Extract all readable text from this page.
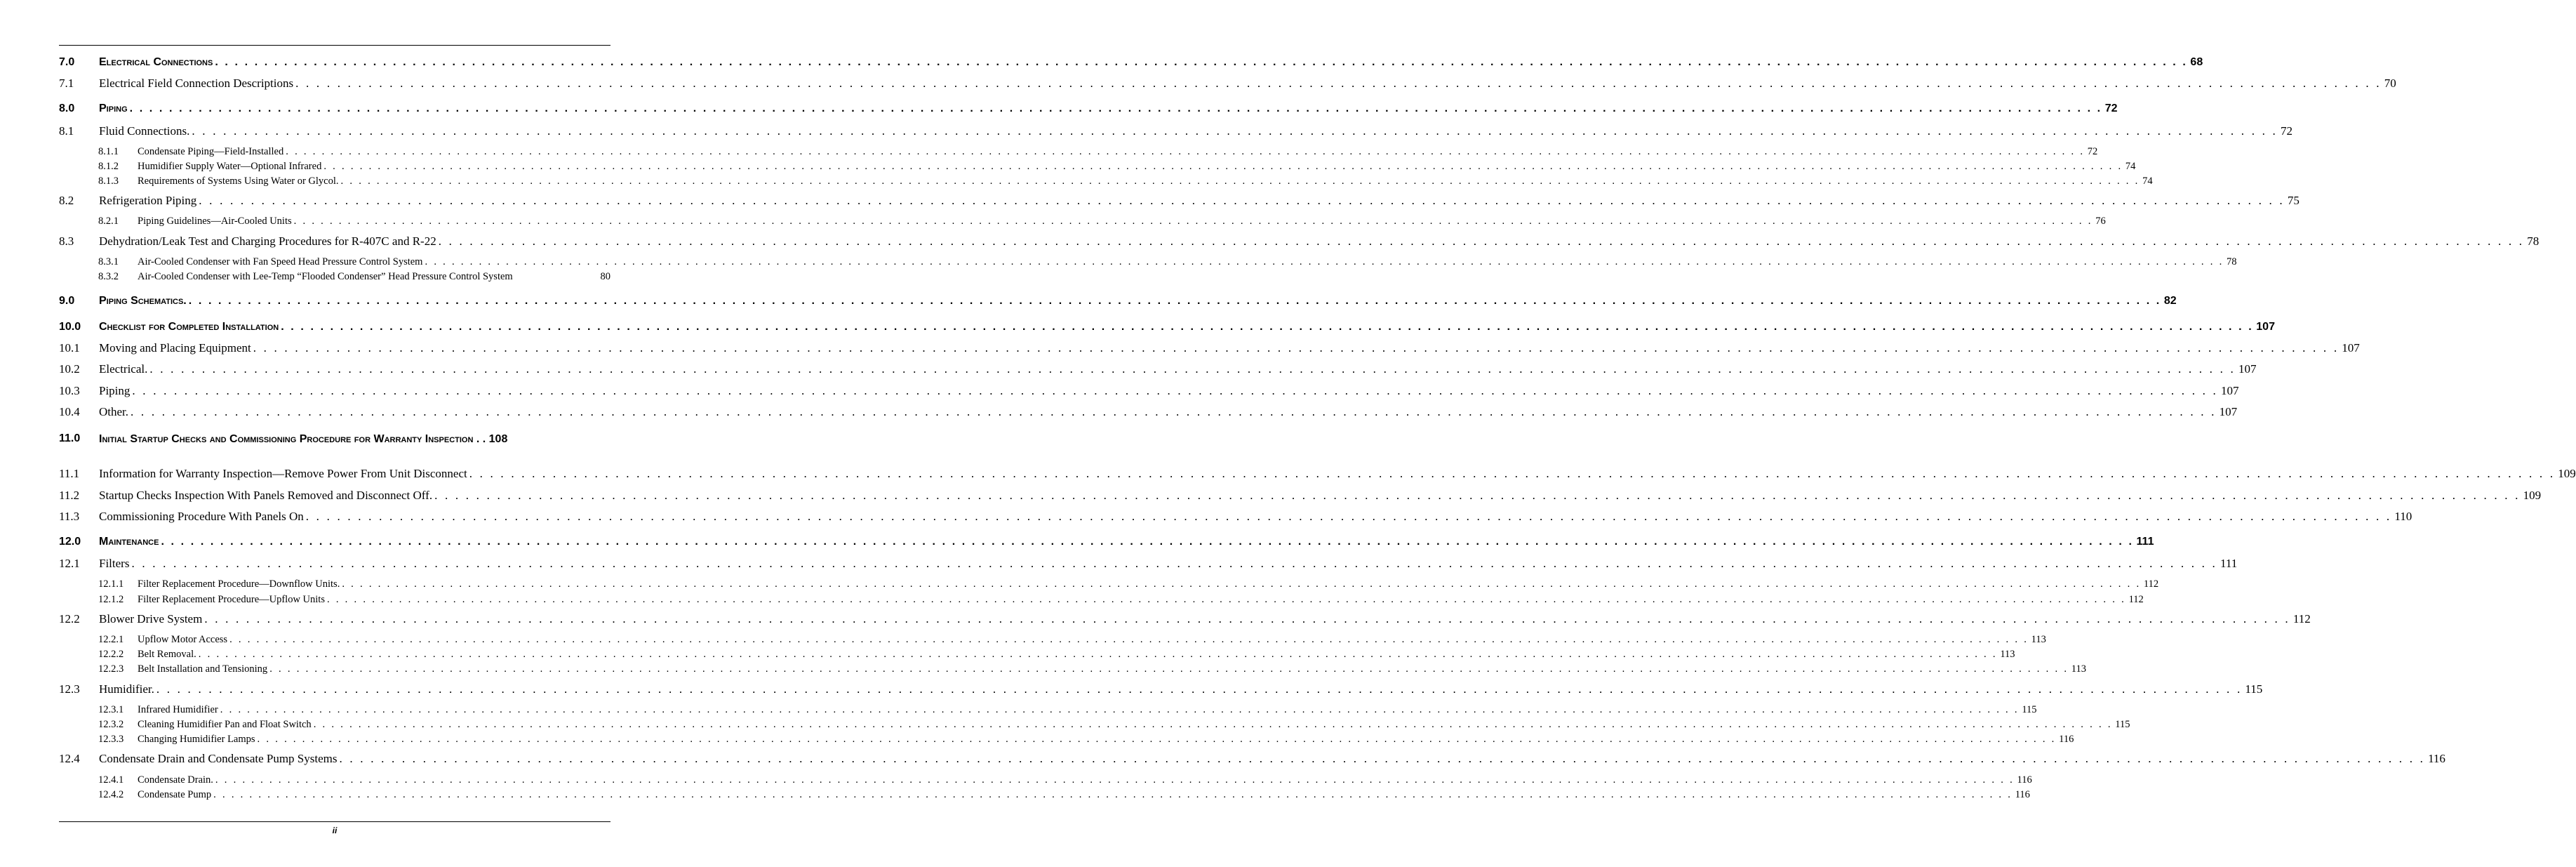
7.0	Electrical Connections . . . . . . . . . . . . . . . . . . . . . . . . . . . . . . . . . . . . . . . . . . . . . . . . . . . . . . . . . . . . . . . . . . . . . . . . . . . . . . . . . . . . . . . . . . . . . . . . . . . . . . . . . . . . . . . . . . . . . . . . . . . . . . . . . . . . . . . . . . . . . . . . . . . . . . . . . . . . . . . . . . . . . . . . . . . . . . . . . . . . . . . . . . . . . . . . . . . . . . . . 68
7.1	Electrical Field Connection Descriptions . . . . . . . . . . . . . . . . . . . . . . . . . . . . . . . . . . . . . . . . . . . . . . . . . . . . . . . . . . . . . . . . . . . . . . . . . . . . . . . . . . . . . . . . . . . . . . . . . . . . . . . . . . . . . . . . . . . . . . . . . . . . . . . . . . . . . . . . . . . . . . . . . . . . . . . . . . . . . . . . . . . . . . . . . . . . . . . . . . . . . . . . . . . . . . . . . . . . . . . . 70
8.0	Piping . . . . . . . . . . . . . . . . . . . . . . . . . . . . . . . . . . . . . . . . . . . . . . . . . . . . . . . . . . . . . . . . . . . . . . . . . . . . . . . . . . . . . . . . . . . . . . . . . . . . . . . . . . . . . . . . . . . . . . . . . . . . . . . . . . . . . . . . . . . . . . . . . . . . . . . . . . . . . . . . . . . . . . . . . . . . . . . . . . . . . . . . . . . . . . . . . . . . . . . . 72
8.1	Fluid Connections. . . . . . . . . . . . . . . . . . . . . . . . . . . . . . . . . . . . . . . . . . . . . . . . . . . . . . . . . . . . . . . . . . . . . . . . . . . . . . . . . . . . . . . . . . . . . . . . . . . . . . . . . . . . . . . . . . . . . . . . . . . . . . . . . . . . . . . . . . . . . . . . . . . . . . . . . . . . . . . . . . . . . . . . . . . . . . . . . . . . . . . . . . . . . . . . . . . . . . . . . 72
8.1.1	Condensate Piping—Field-Installed . . . . . . . . . . . . . . . . . . . . . . . . . . . . . . . . . . . . . . . . . . . . . . . . . . . . . . . . . . . . . . . . . . . . . . . . . . . . . . . . . . . . . . . . . . . . . . . . . . . . . . . . . . . . . . . . . . . . . . . . . . . . . . . . . . . . . . . . . . . . . . . . . . . . . . . . . . . . . . . . . . . . . . . . . . . . . . . . . . . . . . . . . . . . . . . . . . . . . . . . 72
8.1.2	Humidifier Supply Water—Optional Infrared . . . . . . . . . . . . . . . . . . . . . . . . . . . . . . . . . . . . . . . . . . . . . . . . . . . . . . . . . . . . . . . . . . . . . . . . . . . . . . . . . . . . . . . . . . . . . . . . . . . . . . . . . . . . . . . . . . . . . . . . . . . . . . . . . . . . . . . . . . . . . . . . . . . . . . . . . . . . . . . . . . . . . . . . . . . . . . . . . . . . . . . . . . . . . . . . . . . . . . . . 74
8.1.3	Requirements of Systems Using Water or Glycol. . . . . . . . . . . . . . . . . . . . . . . . . . . . . . . . . . . . . . . . . . . . . . . . . . . . . . . . . . . . . . . . . . . . . . . . . . . . . . . . . . . . . . . . . . . . . . . . . . . . . . . . . . . . . . . . . . . . . . . . . . . . . . . . . . . . . . . . . . . . . . . . . . . . . . . . . . . . . . . . . . . . . . . . . . . . . . . . . . . . . . . . . . . . . . . . . . . . . . . . . 74
8.2	Refrigeration Piping . . . . . . . . . . . . . . . . . . . . . . . . . . . . . . . . . . . . . . . . . . . . . . . . . . . . . . . . . . . . . . . . . . . . . . . . . . . . . . . . . . . . . . . . . . . . . . . . . . . . . . . . . . . . . . . . . . . . . . . . . . . . . . . . . . . . . . . . . . . . . . . . . . . . . . . . . . . . . . . . . . . . . . . . . . . . . . . . . . . . . . . . . . . . . . . . . . . . . . . . 75
8.2.1	Piping Guidelines—Air-Cooled Units . . . . . . . . . . . . . . . . . . . . . . . . . . . . . . . . . . . . . . . . . . . . . . . . . . . . . . . . . . . . . . . . . . . . . . . . . . . . . . . . . . . . . . . . . . . . . . . . . . . . . . . . . . . . . . . . . . . . . . . . . . . . . . . . . . . . . . . . . . . . . . . . . . . . . . . . . . . . . . . . . . . . . . . . . . . . . . . . . . . . . . . . . . . . . . . . . . . . . . . . 76
8.3	Dehydration/Leak Test and Charging Procedures for R-407C and R-22 . . . . . . . . . . . . . . . . . . . . . . . . . . . . . . . . . . . . . . . . . . . . . . . . . . . . . . . . . . . . . . . . . . . . . . . . . . . . . . . . . . . . . . . . . . . . . . . . . . . . . . . . . . . . . . . . . . . . . . . . . . . . . . . . . . . . . . . . . . . . . . . . . . . . . . . . . . . . . . . . . . . . . . . . . . . . . . . . . . . . . . . . . . . . . . . . . . . . . . . . 78
8.3.1	Air-Cooled Condenser with Fan Speed Head Pressure Control System . . . . . . . . . . . . . . . . . . . . . . . . . . . . . . . . . . . . . . . . . . . . . . . . . . . . . . . . . . . . . . . . . . . . . . . . . . . . . . . . . . . . . . . . . . . . . . . . . . . . . . . . . . . . . . . . . . . . . . . . . . . . . . . . . . . . . . . . . . . . . . . . . . . . . . . . . . . . . . . . . . . . . . . . . . . . . . . . . . . . . . . . . . . . . . . . . . . . . . . . 78
8.3.2	Air-Cooled Condenser with Lee-Temp “Flooded Condenser” Head Pressure Control System	80
9.0	Piping Schematics. . . . . . . . . . . . . . . . . . . . . . . . . . . . . . . . . . . . . . . . . . . . . . . . . . . . . . . . . . . . . . . . . . . . . . . . . . . . . . . . . . . . . . . . . . . . . . . . . . . . . . . . . . . . . . . . . . . . . . . . . . . . . . . . . . . . . . . . . . . . . . . . . . . . . . . . . . . . . . . . . . . . . . . . . . . . . . . . . . . . . . . . . . . . . . . . . . . . . . . . . 82
10.0	Checklist for Completed Installation . . . . . . . . . . . . . . . . . . . . . . . . . . . . . . . . . . . . . . . . . . . . . . . . . . . . . . . . . . . . . . . . . . . . . . . . . . . . . . . . . . . . . . . . . . . . . . . . . . . . . . . . . . . . . . . . . . . . . . . . . . . . . . . . . . . . . . . . . . . . . . . . . . . . . . . . . . . . . . . . . . . . . . . . . . . . . . . . . . . . . . . . . . . . . . . . . . . . . . . . 107
10.1	Moving and Placing Equipment . . . . . . . . . . . . . . . . . . . . . . . . . . . . . . . . . . . . . . . . . . . . . . . . . . . . . . . . . . . . . . . . . . . . . . . . . . . . . . . . . . . . . . . . . . . . . . . . . . . . . . . . . . . . . . . . . . . . . . . . . . . . . . . . . . . . . . . . . . . . . . . . . . . . . . . . . . . . . . . . . . . . . . . . . . . . . . . . . . . . . . . . . . . . . . . . . . . . . . . . 107
10.2	Electrical. . . . . . . . . . . . . . . . . . . . . . . . . . . . . . . . . . . . . . . . . . . . . . . . . . . . . . . . . . . . . . . . . . . . . . . . . . . . . . . . . . . . . . . . . . . . . . . . . . . . . . . . . . . . . . . . . . . . . . . . . . . . . . . . . . . . . . . . . . . . . . . . . . . . . . . . . . . . . . . . . . . . . . . . . . . . . . . . . . . . . . . . . . . . . . . . . . . . . . . . . 107
10.3	Piping . . . . . . . . . . . . . . . . . . . . . . . . . . . . . . . . . . . . . . . . . . . . . . . . . . . . . . . . . . . . . . . . . . . . . . . . . . . . . . . . . . . . . . . . . . . . . . . . . . . . . . . . . . . . . . . . . . . . . . . . . . . . . . . . . . . . . . . . . . . . . . . . . . . . . . . . . . . . . . . . . . . . . . . . . . . . . . . . . . . . . . . . . . . . . . . . . . . . . . . . 107
10.4	Other. . . . . . . . . . . . . . . . . . . . . . . . . . . . . . . . . . . . . . . . . . . . . . . . . . . . . . . . . . . . . . . . . . . . . . . . . . . . . . . . . . . . . . . . . . . . . . . . . . . . . . . . . . . . . . . . . . . . . . . . . . . . . . . . . . . . . . . . . . . . . . . . . . . . . . . . . . . . . . . . . . . . . . . . . . . . . . . . . . . . . . . . . . . . . . . . . . . . . . . . . 107
11.0	Initial Startup Checks and Commissioning Procedure for Warranty Inspection . . 108
11.1	Information for Warranty Inspection—Remove Power From Unit Disconnect . . . . . . . . . . . . . . . . . . . . . . . . . . . . . . . . . . . . . . . . . . . . . . . . . . . . . . . . . . . . . . . . . . . . . . . . . . . . . . . . . . . . . . . . . . . . . . . . . . . . . . . . . . . . . . . . . . . . . . . . . . . . . . . . . . . . . . . . . . . . . . . . . . . . . . . . . . . . . . . . . . . . . . . . . . . . . . . . . . . . . . . . . . . . . . . . . . . . . . . . 109
11.2	Startup Checks Inspection With Panels Removed and Disconnect Off. . . . . . . . . . . . . . . . . . . . . . . . . . . . . . . . . . . . . . . . . . . . . . . . . . . . . . . . . . . . . . . . . . . . . . . . . . . . . . . . . . . . . . . . . . . . . . . . . . . . . . . . . . . . . . . . . . . . . . . . . . . . . . . . . . . . . . . . . . . . . . . . . . . . . . . . . . . . . . . . . . . . . . . . . . . . . . . . . . . . . . . . . . . . . . . . . . . . . . . . . 109
11.3	Commissioning Procedure With Panels On . . . . . . . . . . . . . . . . . . . . . . . . . . . . . . . . . . . . . . . . . . . . . . . . . . . . . . . . . . . . . . . . . . . . . . . . . . . . . . . . . . . . . . . . . . . . . . . . . . . . . . . . . . . . . . . . . . . . . . . . . . . . . . . . . . . . . . . . . . . . . . . . . . . . . . . . . . . . . . . . . . . . . . . . . . . . . . . . . . . . . . . . . . . . . . . . . . . . . . . . 110
12.0	Maintenance . . . . . . . . . . . . . . . . . . . . . . . . . . . . . . . . . . . . . . . . . . . . . . . . . . . . . . . . . . . . . . . . . . . . . . . . . . . . . . . . . . . . . . . . . . . . . . . . . . . . . . . . . . . . . . . . . . . . . . . . . . . . . . . . . . . . . . . . . . . . . . . . . . . . . . . . . . . . . . . . . . . . . . . . . . . . . . . . . . . . . . . . . . . . . . . . . . . . . . . . 111
12.1	Filters . . . . . . . . . . . . . . . . . . . . . . . . . . . . . . . . . . . . . . . . . . . . . . . . . . . . . . . . . . . . . . . . . . . . . . . . . . . . . . . . . . . . . . . . . . . . . . . . . . . . . . . . . . . . . . . . . . . . . . . . . . . . . . . . . . . . . . . . . . . . . . . . . . . . . . . . . . . . . . . . . . . . . . . . . . . . . . . . . . . . . . . . . . . . . . . . . . . . . . . . 111
12.1.1	Filter Replacement Procedure—Downflow Units. . . . . . . . . . . . . . . . . . . . . . . . . . . . . . . . . . . . . . . . . . . . . . . . . . . . . . . . . . . . . . . . . . . . . . . . . . . . . . . . . . . . . . . . . . . . . . . . . . . . . . . . . . . . . . . . . . . . . . . . . . . . . . . . . . . . . . . . . . . . . . . . . . . . . . . . . . . . . . . . . . . . . . . . . . . . . . . . . . . . . . . . . . . . . . . . . . . . . . . . . 112
12.1.2	Filter Replacement Procedure—Upflow Units . . . . . . . . . . . . . . . . . . . . . . . . . . . . . . . . . . . . . . . . . . . . . . . . . . . . . . . . . . . . . . . . . . . . . . . . . . . . . . . . . . . . . . . . . . . . . . . . . . . . . . . . . . . . . . . . . . . . . . . . . . . . . . . . . . . . . . . . . . . . . . . . . . . . . . . . . . . . . . . . . . . . . . . . . . . . . . . . . . . . . . . . . . . . . . . . . . . . . . . . 112
12.2	Blower Drive System . . . . . . . . . . . . . . . . . . . . . . . . . . . . . . . . . . . . . . . . . . . . . . . . . . . . . . . . . . . . . . . . . . . . . . . . . . . . . . . . . . . . . . . . . . . . . . . . . . . . . . . . . . . . . . . . . . . . . . . . . . . . . . . . . . . . . . . . . . . . . . . . . . . . . . . . . . . . . . . . . . . . . . . . . . . . . . . . . . . . . . . . . . . . . . . . . . . . . . . . 112
12.2.1	Upflow Motor Access . . . . . . . . . . . . . . . . . . . . . . . . . . . . . . . . . . . . . . . . . . . . . . . . . . . . . . . . . . . . . . . . . . . . . . . . . . . . . . . . . . . . . . . . . . . . . . . . . . . . . . . . . . . . . . . . . . . . . . . . . . . . . . . . . . . . . . . . . . . . . . . . . . . . . . . . . . . . . . . . . . . . . . . . . . . . . . . . . . . . . . . . . . . . . . . . . . . . . . . . 113
12.2.2	Belt Removal. . . . . . . . . . . . . . . . . . . . . . . . . . . . . . . . . . . . . . . . . . . . . . . . . . . . . . . . . . . . . . . . . . . . . . . . . . . . . . . . . . . . . . . . . . . . . . . . . . . . . . . . . . . . . . . . . . . . . . . . . . . . . . . . . . . . . . . . . . . . . . . . . . . . . . . . . . . . . . . . . . . . . . . . . . . . . . . . . . . . . . . . . . . . . . . . . . . . . . . . . 113
12.2.3	Belt Installation and Tensioning . . . . . . . . . . . . . . . . . . . . . . . . . . . . . . . . . . . . . . . . . . . . . . . . . . . . . . . . . . . . . . . . . . . . . . . . . . . . . . . . . . . . . . . . . . . . . . . . . . . . . . . . . . . . . . . . . . . . . . . . . . . . . . . . . . . . . . . . . . . . . . . . . . . . . . . . . . . . . . . . . . . . . . . . . . . . . . . . . . . . . . . . . . . . . . . . . . . . . . . . 113
12.3	Humidifier. . . . . . . . . . . . . . . . . . . . . . . . . . . . . . . . . . . . . . . . . . . . . . . . . . . . . . . . . . . . . . . . . . . . . . . . . . . . . . . . . . . . . . . . . . . . . . . . . . . . . . . . . . . . . . . . . . . . . . . . . . . . . . . . . . . . . . . . . . . . . . . . . . . . . . . . . . . . . . . . . . . . . . . . . . . . . . . . . . . . . . . . . . . . . . . . . . . . . . . . . 115
12.3.1	Infrared Humidifier . . . . . . . . . . . . . . . . . . . . . . . . . . . . . . . . . . . . . . . . . . . . . . . . . . . . . . . . . . . . . . . . . . . . . . . . . . . . . . . . . . . . . . . . . . . . . . . . . . . . . . . . . . . . . . . . . . . . . . . . . . . . . . . . . . . . . . . . . . . . . . . . . . . . . . . . . . . . . . . . . . . . . . . . . . . . . . . . . . . . . . . . . . . . . . . . . . . . . . . . 115
12.3.2	Cleaning Humidifier Pan and Float Switch . . . . . . . . . . . . . . . . . . . . . . . . . . . . . . . . . . . . . . . . . . . . . . . . . . . . . . . . . . . . . . . . . . . . . . . . . . . . . . . . . . . . . . . . . . . . . . . . . . . . . . . . . . . . . . . . . . . . . . . . . . . . . . . . . . . . . . . . . . . . . . . . . . . . . . . . . . . . . . . . . . . . . . . . . . . . . . . . . . . . . . . . . . . . . . . . . . . . . . . . 115
12.3.3	Changing Humidifier Lamps . . . . . . . . . . . . . . . . . . . . . . . . . . . . . . . . . . . . . . . . . . . . . . . . . . . . . . . . . . . . . . . . . . . . . . . . . . . . . . . . . . . . . . . . . . . . . . . . . . . . . . . . . . . . . . . . . . . . . . . . . . . . . . . . . . . . . . . . . . . . . . . . . . . . . . . . . . . . . . . . . . . . . . . . . . . . . . . . . . . . . . . . . . . . . . . . . . . . . . . . 116
12.4	Condensate Drain and Condensate Pump Systems . . . . . . . . . . . . . . . . . . . . . . . . . . . . . . . . . . . . . . . . . . . . . . . . . . . . . . . . . . . . . . . . . . . . . . . . . . . . . . . . . . . . . . . . . . . . . . . . . . . . . . . . . . . . . . . . . . . . . . . . . . . . . . . . . . . . . . . . . . . . . . . . . . . . . . . . . . . . . . . . . . . . . . . . . . . . . . . . . . . . . . . . . . . . . . . . . . . . . . . . 116
12.4.1	Condensate Drain. . . . . . . . . . . . . . . . . . . . . . . . . . . . . . . . . . . . . . . . . . . . . . . . . . . . . . . . . . . . . . . . . . . . . . . . . . . . . . . . . . . . . . . . . . . . . . . . . . . . . . . . . . . . . . . . . . . . . . . . . . . . . . . . . . . . . . . . . . . . . . . . . . . . . . . . . . . . . . . . . . . . . . . . . . . . . . . . . . . . . . . . . . . . . . . . . . . . . . . . . 116
12.4.2	Condensate Pump . . . . . . . . . . . . . . . . . . . . . . . . . . . . . . . . . . . . . . . . . . . . . . . . . . . . . . . . . . . . . . . . . . . . . . . . . . . . . . . . . . . . . . . . . . . . . . . . . . . . . . . . . . . . . . . . . . . . . . . . . . . . . . . . . . . . . . . . . . . . . . . . . . . . . . . . . . . . . . . . . . . . . . . . . . . . . . . . . . . . . . . . . . . . . . . . . . . . . . . . 116
ii
